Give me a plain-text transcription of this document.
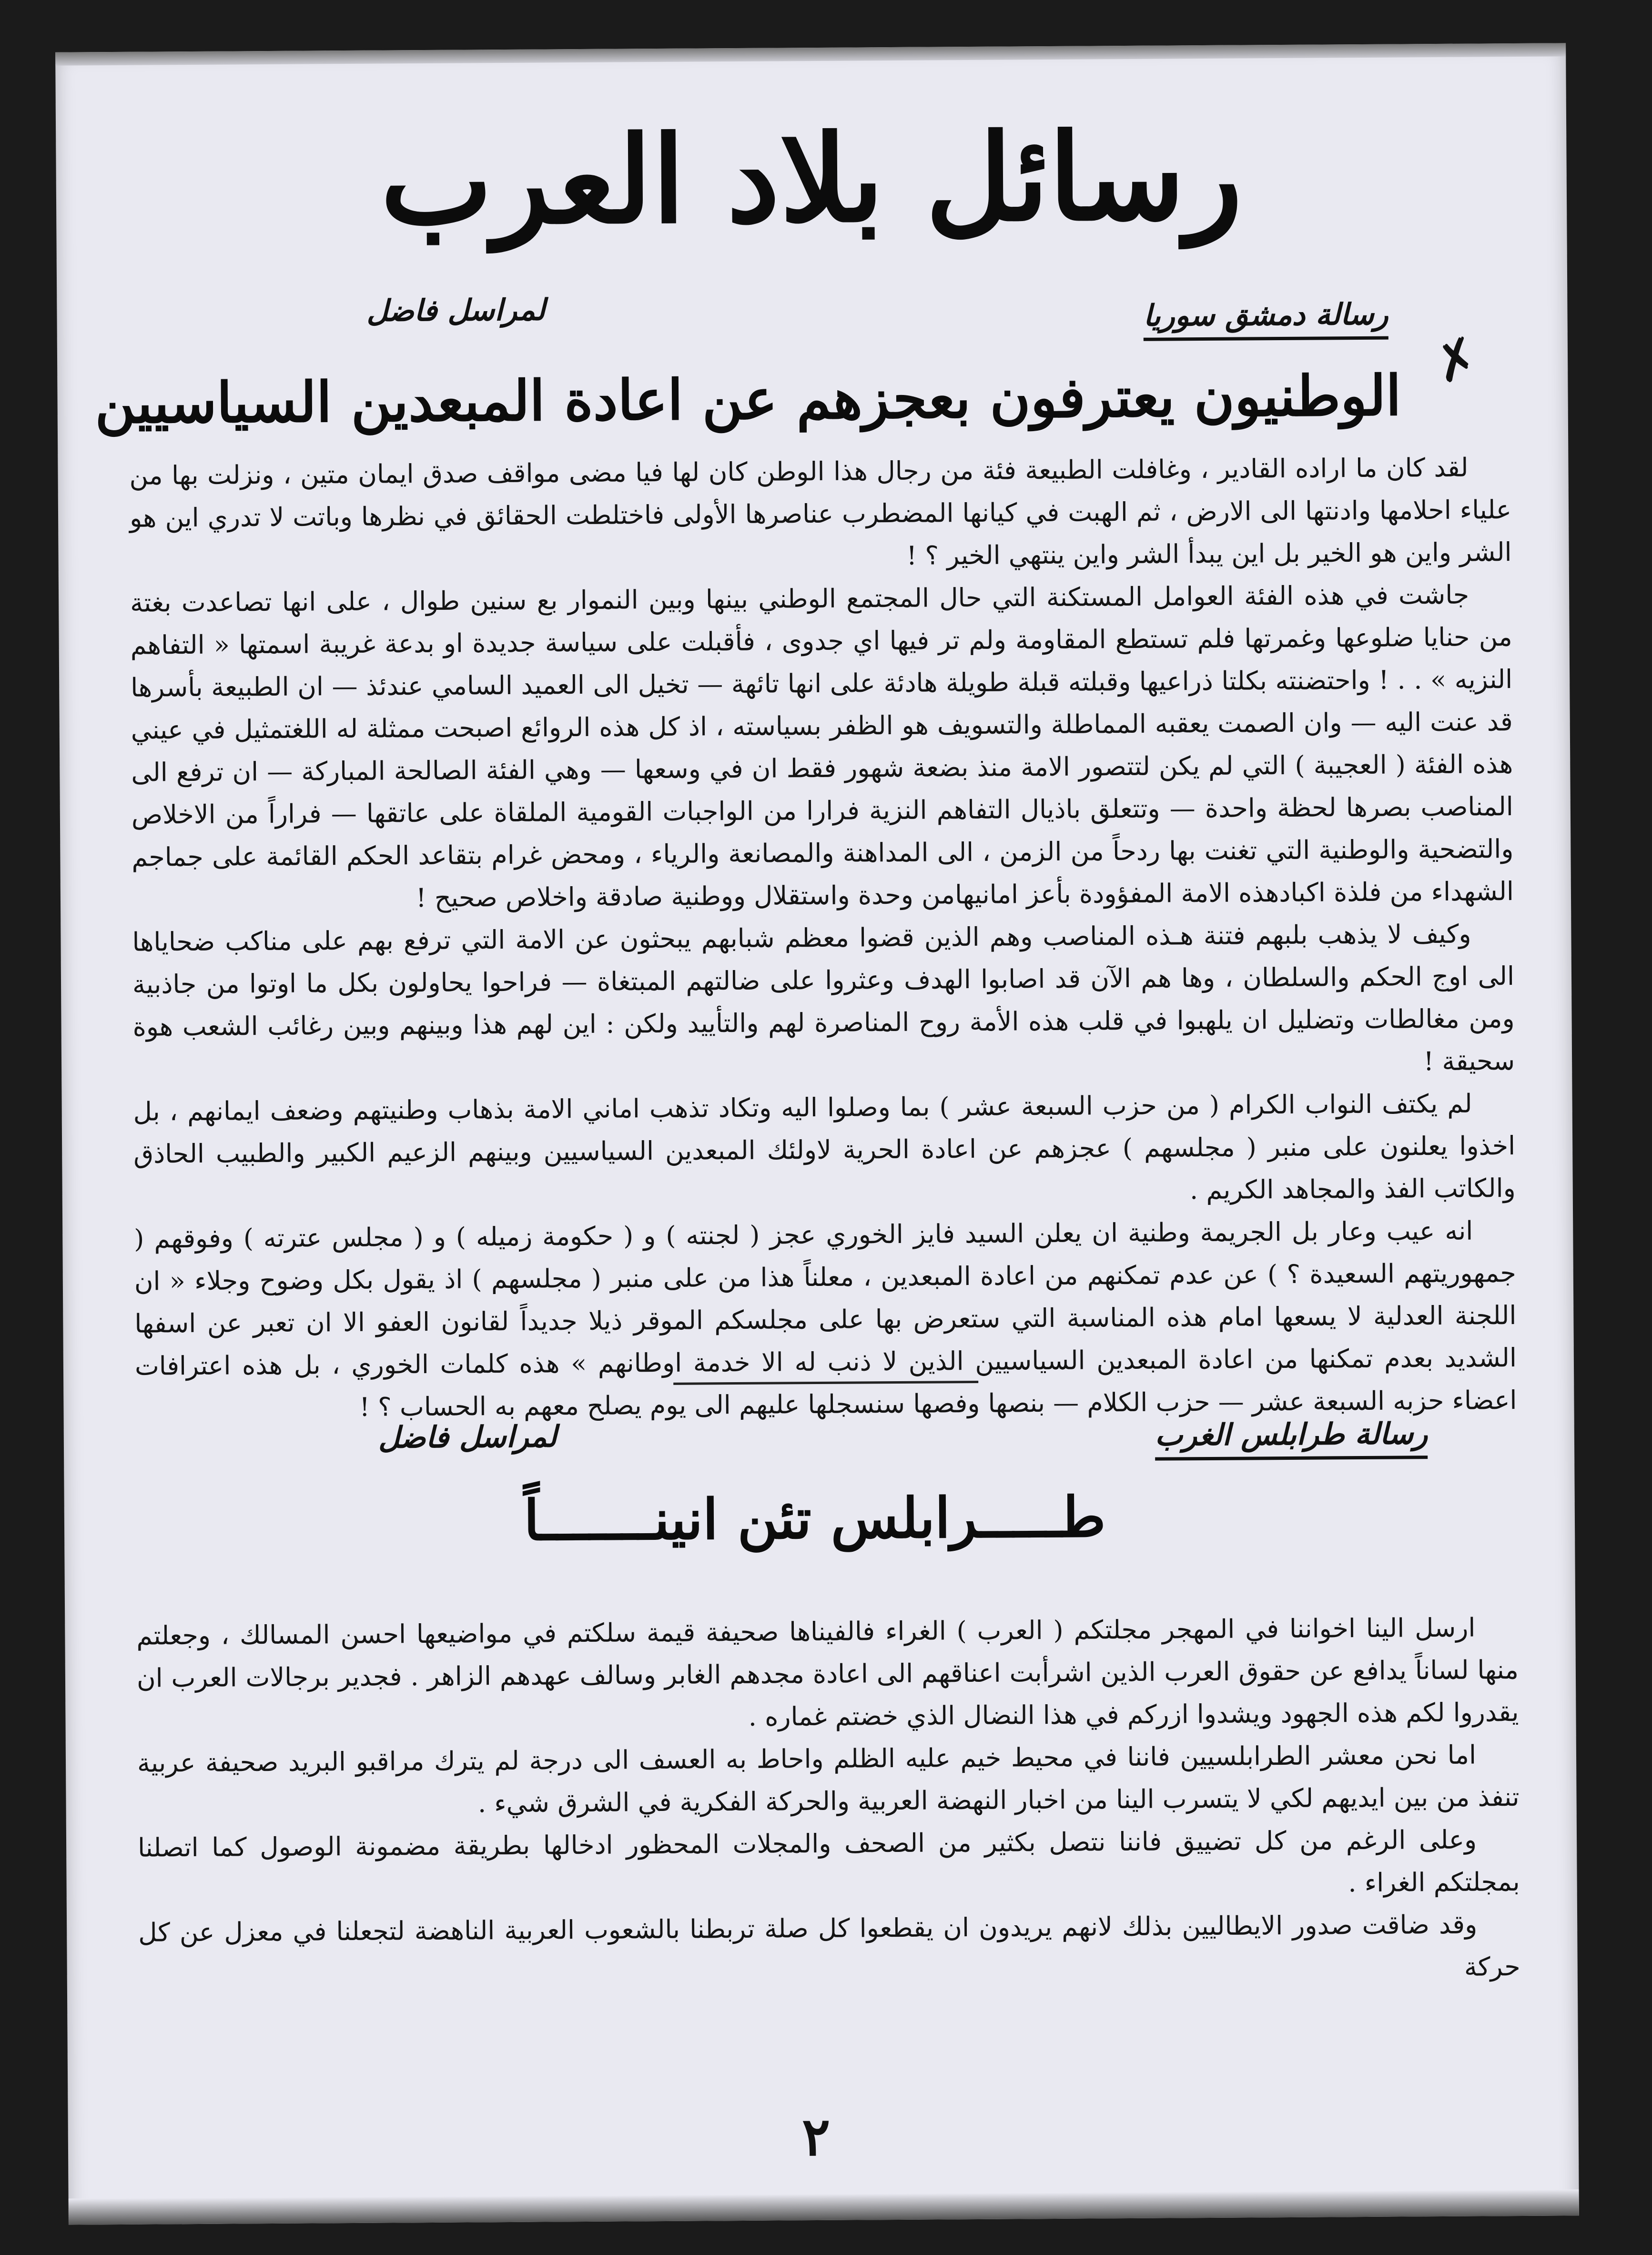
رسائل بلاد العرب
رسالة دمشق سوريا
لمراسل فاضل
✗
الوطنيون يعترفون بعجزهم عن اعادة المبعدين السياسيين

لقد كان ما اراده القادير ، وغافلت الطبيعة فئة من رجال هذا الوطن كان لها فيا مضى مواقف صدق ايمان متين ، ونزلت بها من علياء احلامها وادنتها الى الارض ، ثم الهبت في كيانها المضطرب عناصرها الأولى فاختلطت الحقائق في نظرها وباتت لا تدري اين هو الشر واين هو الخير بل اين يبدأ الشر واين ينتهي الخير ؟ !

جاشت في هذه الفئة العوامل المستكنة التي حال المجتمع الوطني بينها وبين النموار بع سنين طوال ، على انها تصاعدت بغتة من حنايا ضلوعها وغمرتها فلم تستطع المقاومة ولم تر فيها اي جدوى ، فأقبلت على سياسة جديدة او بدعة غريبة اسمتها « التفاهم النزيه » . . ! واحتضنته بكلتا ذراعيها وقبلته قبلة طويلة هادئة على انها تائهة — تخيل الى العميد السامي عندئذ — ان الطبيعة بأسرها قد عنت اليه — وان الصمت يعقبه المماطلة والتسويف هو الظفر بسياسته ، اذ كل هذه الروائع اصبحت ممثلة له اللغتمثيل في عيني هذه الفئة ( العجيبة ) التي لم يكن لتتصور الامة منذ بضعة شهور فقط ان في وسعها — وهي الفئة الصالحة المباركة — ان ترفع الى المناصب بصرها لحظة واحدة — وتتعلق باذيال التفاهم النزية فرارا من الواجبات القومية الملقاة على عاتقها — فراراً من الاخلاص والتضحية والوطنية التي تغنت بها ردحاً من الزمن ، الى المداهنة والمصانعة والرياء ، ومحض غرام بتقاعد الحكم القائمة على جماجم الشهداء من فلذة اكبادهذه الامة المفؤودة بأعز امانيهامن وحدة واستقلال ووطنية صادقة واخلاص صحيح !

وكيف لا يذهب بلبهم فتنة هـذه المناصب وهم الذين قضوا معظم شبابهم يبحثون عن الامة التي ترفع بهم على مناكب ضحاياها الى اوج الحكم والسلطان ، وها هم الآن قد اصابوا الهدف وعثروا على ضالتهم المبتغاة — فراحوا يحاولون بكل ما اوتوا من جاذبية ومن مغالطات وتضليل ان يلهبوا في قلب هذه الأمة روح المناصرة لهم والتأييد ولكن : اين لهم هذا وبينهم وبين رغائب الشعب هوة سحيقة !

لم يكتف النواب الكرام ( من حزب السبعة عشر ) بما وصلوا اليه وتكاد تذهب اماني الامة بذهاب وطنيتهم وضعف ايمانهم ، بل اخذوا يعلنون على منبر ( مجلسهم ) عجزهم عن اعادة الحرية لاولئك المبعدين السياسيين وبينهم الزعيم الكبير والطبيب الحاذق والكاتب الفذ والمجاهد الكريم .

انه عيب وعار بل الجريمة وطنية ان يعلن السيد فايز الخوري عجز ( لجنته ) و ( حكومة زميله ) و ( مجلس عترته ) وفوقهم ( جمهوريتهم السعيدة ؟ ) عن عدم تمكنهم من اعادة المبعدين ، معلناً هذا من على منبر ( مجلسهم ) اذ يقول بكل وضوح وجلاء « ان اللجنة العدلية لا يسعها امام هذه المناسبة التي ستعرض بها على مجلسكم الموقر ذيلا جديداً لقانون العفو الا ان تعبر عن اسفها الشديد بعدم تمكنها من اعادة المبعدين السياسيين الذين لا ذنب له الا خدمة اوطانهم » هذه كلمات الخوري ، بل هذه اعترافات اعضاء حزبه السبعة عشر — حزب الكلام — بنصها وفصها سنسجلها عليهم الى يوم يصلح معهم به الحساب ؟ !

رسالة طرابلس الغرب
لمراسل فاضل
طـــــرابلس تئن انينـــــــاً

ارسل الينا اخواننا في المهجر مجلتكم ( العرب ) الغراء فالفيناها صحيفة قيمة سلكتم في مواضيعها احسن المسالك ، وجعلتم منها لساناً يدافع عن حقوق العرب الذين اشرأبت اعناقهم الى اعادة مجدهم الغابر وسالف عهدهم الزاهر . فجدير برجالات العرب ان يقدروا لكم هذه الجهود ويشدوا ازركم في هذا النضال الذي خضتم غماره .

اما نحن معشر الطرابلسيين فاننا في محيط خيم عليه الظلم واحاط به العسف الى درجة لم يترك مراقبو البريد صحيفة عربية تنفذ من بين ايديهم لكي لا يتسرب الينا من اخبار النهضة العربية والحركة الفكرية في الشرق شيء .

وعلى الرغم من كل تضييق فاننا نتصل بكثير من الصحف والمجلات المحظور ادخالها بطريقة مضمونة الوصول كما اتصلنا بمجلتكم الغراء .

وقد ضاقت صدور الايطاليين بذلك لانهم يريدون ان يقطعوا كل صلة تربطنا بالشعوب العربية الناهضة لتجعلنا في معزل عن كل حركة

٢
